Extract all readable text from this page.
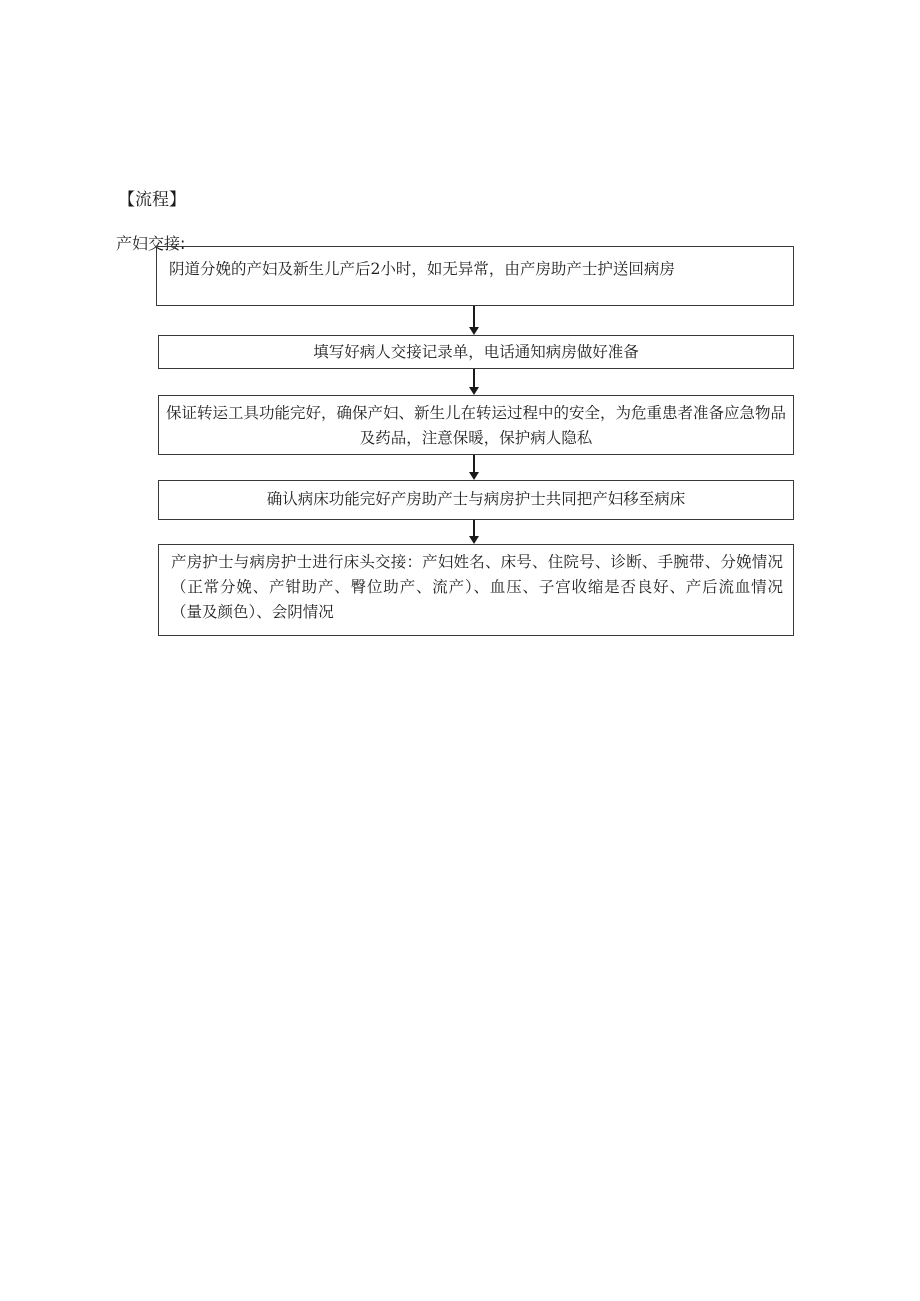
【流程】
产妇交接:
阴道分娩的产妇及新生儿产后2小时，如无异常，由产房助产士护送回病房
填写好病人交接记录单，电话通知病房做好准备
保证转运工具功能完好，确保产妇、新生儿在转运过程中的安全，为危重患者准备应急物品及药品，注意保暖，保护病人隐私
确认病床功能完好产房助产士与病房护士共同把产妇移至病床
产房护士与病房护士进行床头交接：产妇姓名、床号、住院号、诊断、手腕带、分娩情况 （正常分娩、产钳助产、臀位助产、流产）、血压、子宫收缩是否良好、产后流血情况（量及颜色）、会阴情况
